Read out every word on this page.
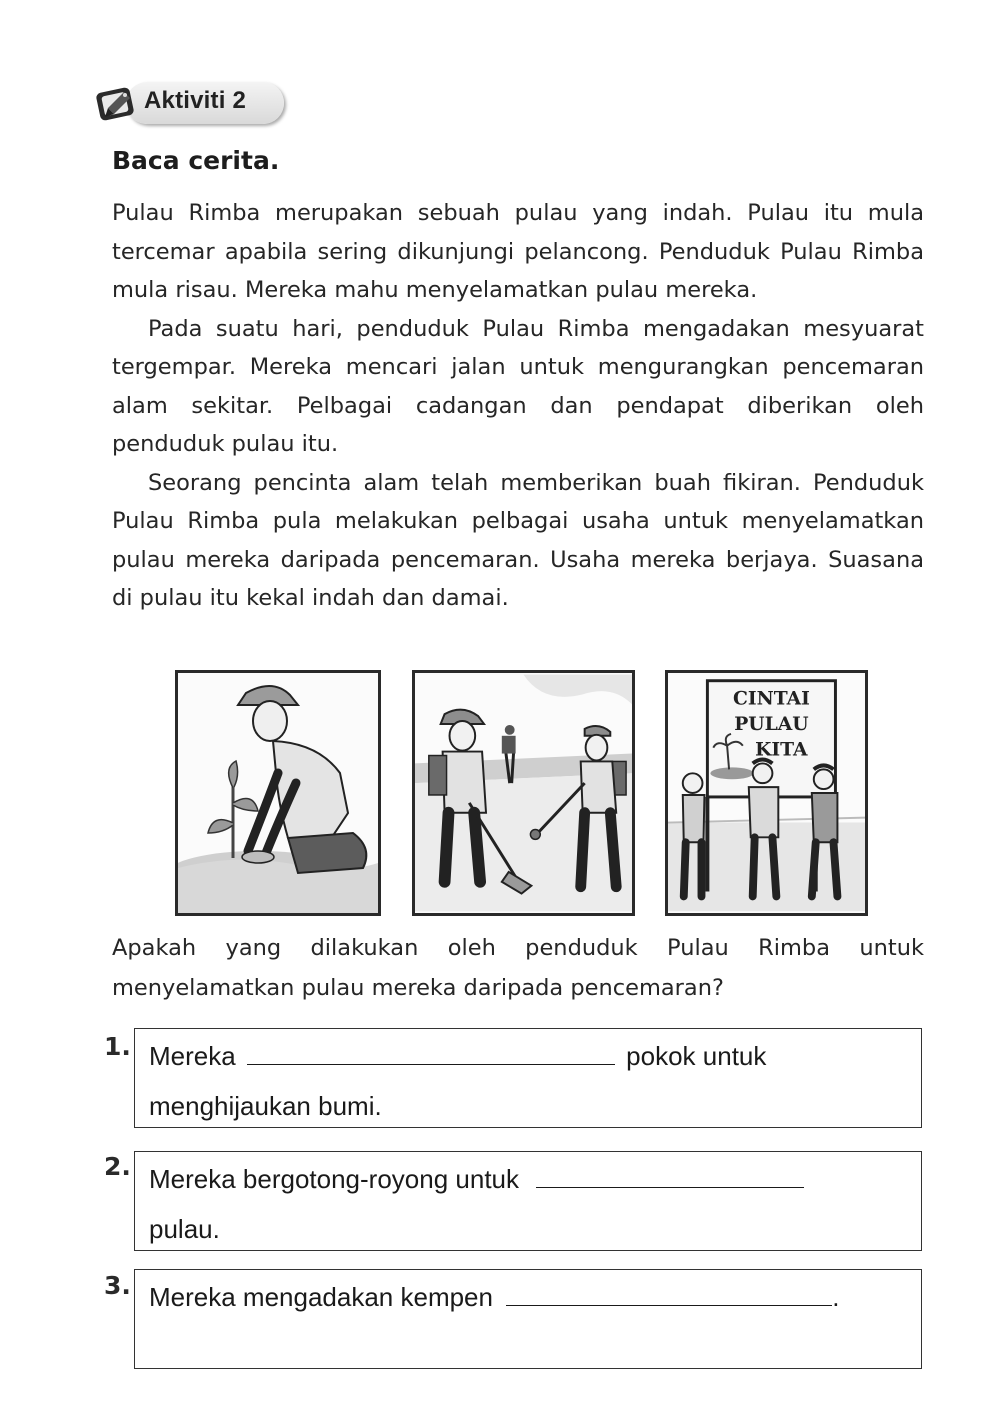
Aktiviti 2
Baca cerita.

Pulau Rimba merupakan sebuah pulau yang indah. Pulau itu mula tercemar apabila sering dikunjungi pelancong. Penduduk Pulau Rimba mula risau. Mereka mahu menyelamatkan pulau mereka.

Pada suatu hari, penduduk Pulau Rimba mengadakan mesyuarat tergempar. Mereka mencari jalan untuk mengurangkan pencemaran alam sekitar. Pelbagai cadangan dan pendapat diberikan oleh penduduk pulau itu.

Seorang pencinta alam telah memberikan buah fikiran. Penduduk Pulau Rimba pula melakukan pelbagai usaha untuk menyelamatkan pulau mereka daripada pencemaran. Usaha mereka berjaya. Suasana di pulau itu kekal indah dan damai.

CINTAI
PULAU
KITA
Apakah yang dilakukan oleh penduduk Pulau Rimba untuk menyelamatkan pulau mereka daripada pencemaran?
1. Mereka	pokok untuk
menghijaukan bumi.
2. Mereka bergotong-royong untuk
pulau.
3. Mereka mengadakan kempen	.
